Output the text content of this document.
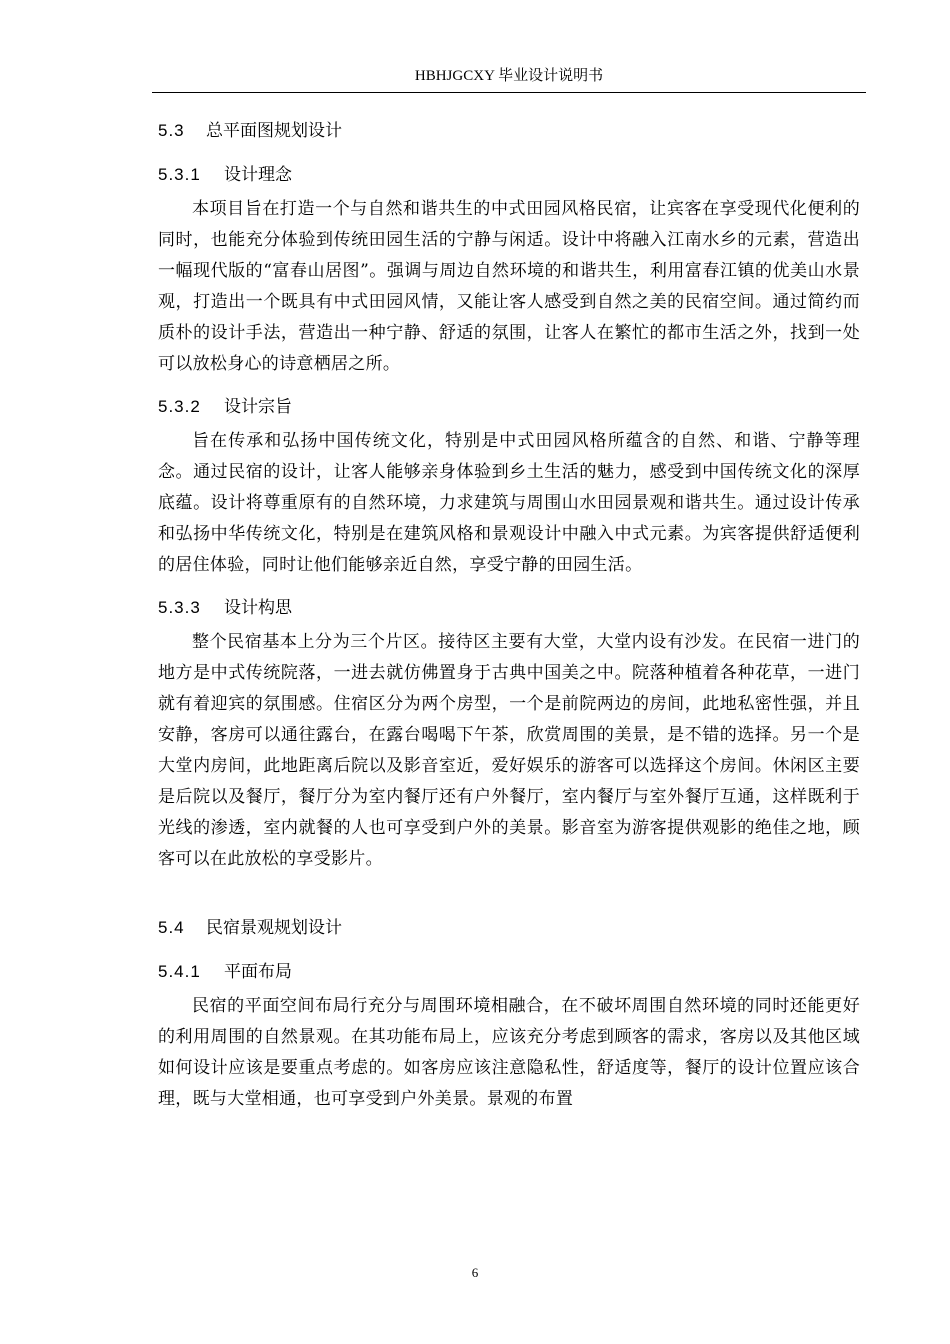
HBHJGCXY 毕业设计说明书
5.3 总平面图规划设计
5.3.1 设计理念

本项目旨在打造一个与自然和谐共生的中式田园风格民宿，让宾客在享受现代化便利的同时，也能充分体验到传统田园生活的宁静与闲适。设计中将融入江南水乡的元素，营造出一幅现代版的“富春山居图”。强调与周边自然环境的和谐共生，利用富春江镇的优美山水景观，打造出一个既具有中式田园风情，又能让客人感受到自然之美的民宿空间。通过简约而质朴的设计手法，营造出一种宁静、舒适的氛围，让客人在繁忙的都市生活之外，找到一处可以放松身心的诗意栖居之所。

5.3.2 设计宗旨

旨在传承和弘扬中国传统文化，特别是中式田园风格所蕴含的自然、和谐、宁静等理念。通过民宿的设计，让客人能够亲身体验到乡土生活的魅力，感受到中国传统文化的深厚底蕴。设计将尊重原有的自然环境，力求建筑与周围山水田园景观和谐共生。通过设计传承和弘扬中华传统文化，特别是在建筑风格和景观设计中融入中式元素。为宾客提供舒适便利的居住体验，同时让他们能够亲近自然，享受宁静的田园生活。

5.3.3 设计构思

整个民宿基本上分为三个片区。接待区主要有大堂，大堂内设有沙发。在民宿一进门的地方是中式传统院落，一进去就仿佛置身于古典中国美之中。院落种植着各种花草，一进门就有着迎宾的氛围感。住宿区分为两个房型，一个是前院两边的房间，此地私密性强，并且安静，客房可以通往露台，在露台喝喝下午茶，欣赏周围的美景，是不错的选择。另一个是大堂内房间，此地距离后院以及影音室近，爱好娱乐的游客可以选择这个房间。休闲区主要是后院以及餐厅，餐厅分为室内餐厅还有户外餐厅，室内餐厅与室外餐厅互通，这样既利于光线的渗透，室内就餐的人也可享受到户外的美景。影音室为游客提供观影的绝佳之地，顾客可以在此放松的享受影片。

5.4 民宿景观规划设计
5.4.1 平面布局

民宿的平面空间布局行充分与周围环境相融合，在不破坏周围自然环境的同时还能更好的利用周围的自然景观。在其功能布局上，应该充分考虑到顾客的需求，客房以及其他区域如何设计应该是要重点考虑的。如客房应该注意隐私性，舒适度等，餐厅的设计位置应该合理，既与大堂相通，也可享受到户外美景。景观的布置

6
